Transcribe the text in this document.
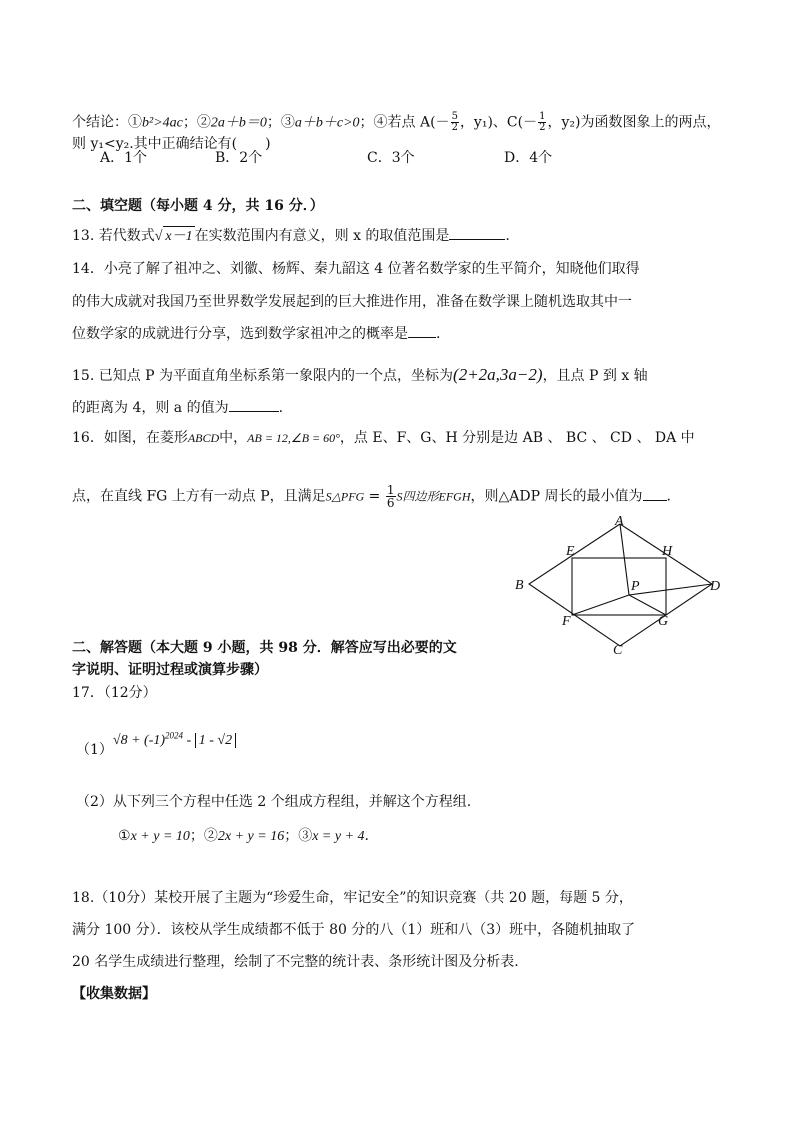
个结论：①b²>4ac；②2a＋b＝0；③a＋b＋c>0；④若点 $A(- \frac{5}{2}$ ，y₁)、$C(- \frac{1}{2}$ ，y₂)为函数图象上的两点，
则 y₁<y₂.其中正确结论有(　　)
A．1个	B．2个	C．3个	D．4个
二、填空题（每小题 4 分，共 16 分．）
13. 若代数式√ x－1 在实数范围内有意义，则 x 的取值范围是	.
14．小亮了解了祖冲之、刘徽、杨辉、秦九韶这 4 位著名数学家的生平简介，知晓他们取得
的伟大成就对我国乃至世界数学发展起到的巨大推进作用，准备在数学课上随机选取其中一
位数学家的成就进行分享，选到数学家祖冲之的概率是 .
15. 已知点 P 为平面直角坐标系第一象限内的一个点，坐标为(2+2a,3a−2)，且点 P 到 x 轴
的距离为 4，则 a 的值为	.
16．如图，在菱形ABCD中，AB = 12,∠B = 60°，点 E、F、G、H 分别是边 AB 、 BC 、 CD 、 DA 中
点，在直线 FG 上方有一动点 P，且满足S△PFG = $\frac{1}{6}$ S四边形EFGH，则△ADP 周长的最小值为 .
A
B
C
D
E
F	G
H
P
二、解答题（本大题 9 小题，共 98 分．解答应写出必要的文
字说明、证明过程或演算步骤）
17．（12分）
$(1)√8 + (-1)^{2024} - 1 - √2$
（2）从下列三个方程中任选 2 个组成方程组，并解这个方程组.
①x + y = 10；②2x + y = 16；③x = y + 4.
18.（10分）某校开展了主题为“珍爱生命，牢记安全”的知识竞赛（共 20 题，每题 5 分，
满分 100 分）．该校从学生成绩都不低于 80 分的八（1）班和八（3）班中，各随机抽取了
20 名学生成绩进行整理，绘制了不完整的统计表、条形统计图及分析表.
【收集数据】
